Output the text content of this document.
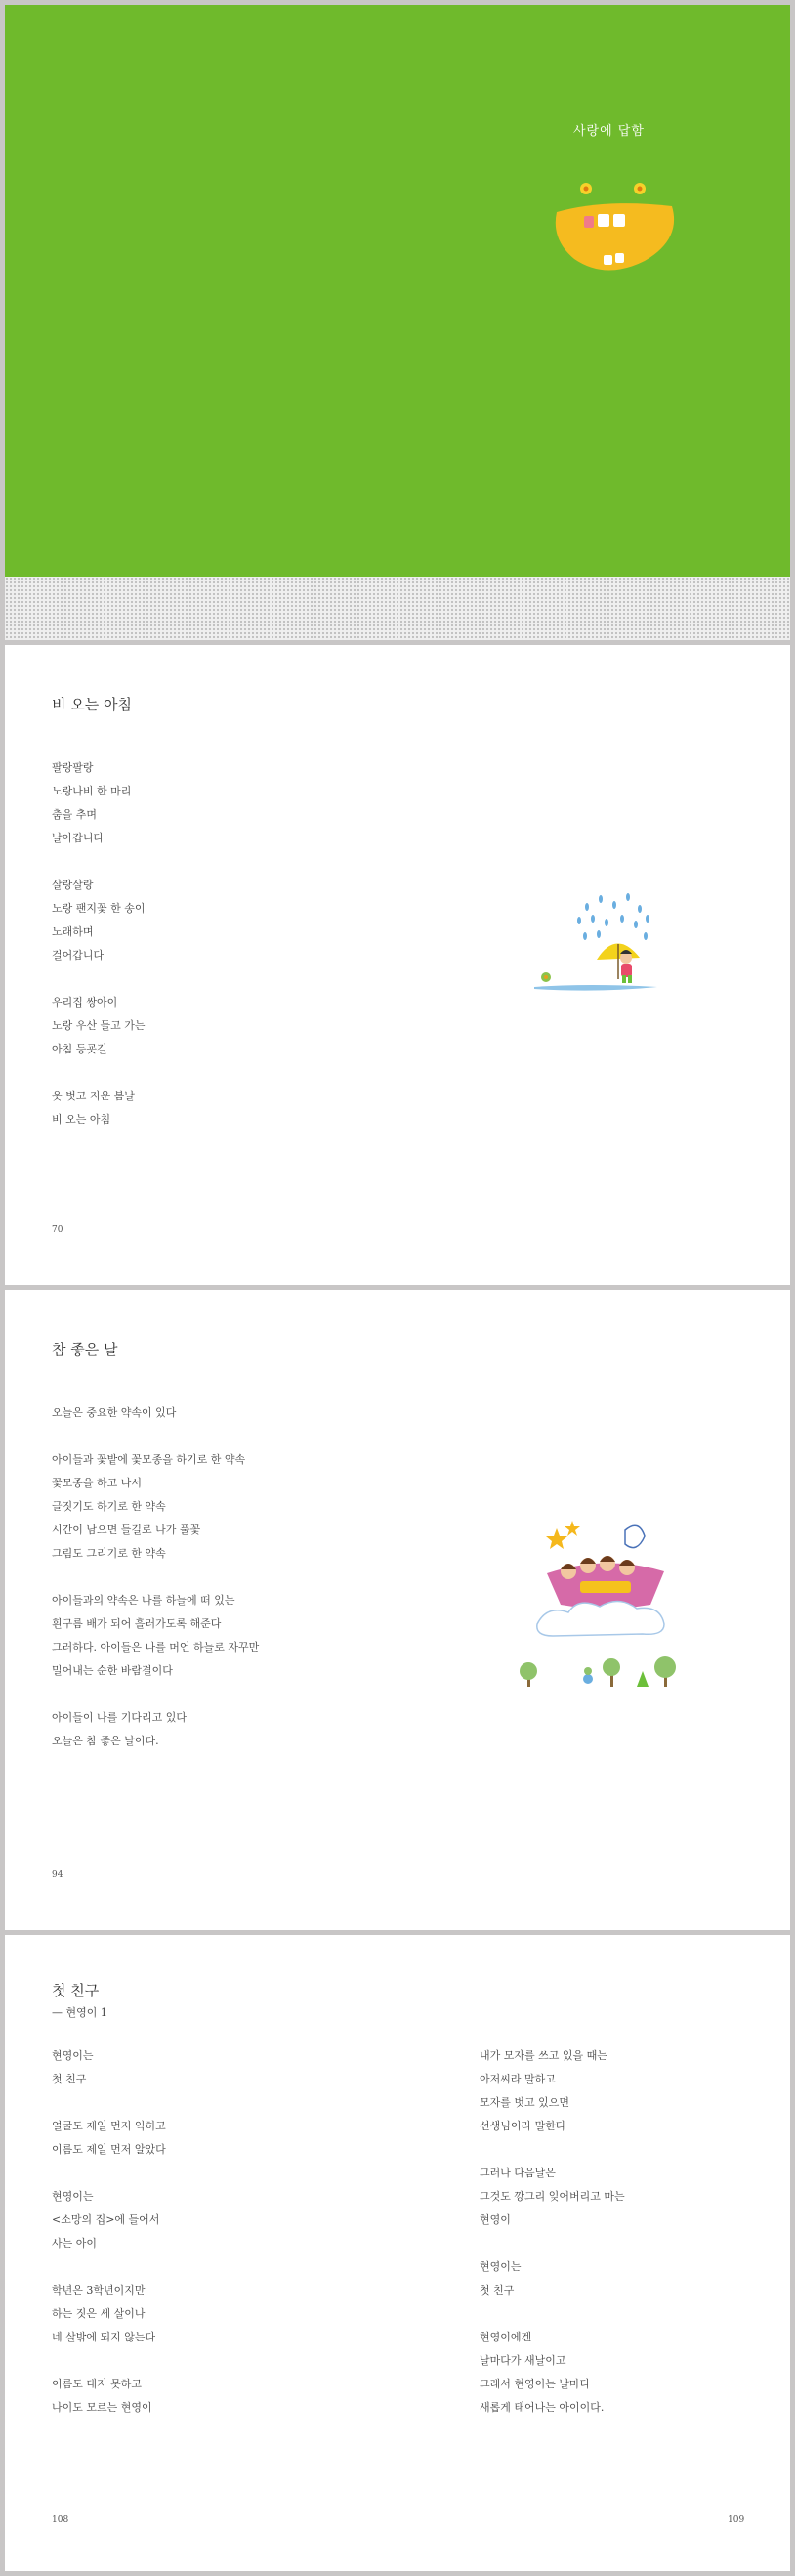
사랑에 답함
비 오는 아침
팔랑팔랑
노랑나비 한 마리
춤을 추며
날아갑니다
살랑살랑
노랑 팬지꽃 한 송이
노래하며
걸어갑니다
우리집 쌍아이
노랑 우산 들고 가는
아침 등굣길
옷 벗고 지운 봄날
비 오는 아침
70
참 좋은 날
오늘은 중요한 약속이 있다
아이들과 꽃밭에 꽃모종을 하기로 한 약속
꽃모종을 하고 나서
글짓기도 하기로 한 약속
시간이 남으면 들길로 나가 풀꽃
그림도 그리기로 한 약속
아이들과의 약속은 나를 하늘에 떠 있는
흰구름 배가 되어 흘러가도록 해준다
그러하다. 아이들은 나를 머언 하늘로 자꾸만
밀어내는 순한 바람결이다
아이들이 나를 기다리고 있다
오늘은 참 좋은 날이다.
94
첫 친구
— 현영이 1
현영이는
첫 친구
얼굴도 제일 먼저 익히고
이름도 제일 먼저 알았다
현영이는
<소망의 집>에 들어서
사는 아이
학년은 3학년이지만
하는 짓은 세 살이나
네 살밖에 되지 않는다
이름도 대지 못하고
나이도 모르는 현영이
내가 모자를 쓰고 있을 때는
아저씨라 말하고
모자를 벗고 있으면
선생님이라 말한다
그러나 다음날은
그것도 깡그리 잊어버리고 마는
현영이
현영이는
첫 친구
현영이에겐
날마다가 새날이고
그래서 현영이는 날마다
새롭게 태어나는 아이이다.
108	109
